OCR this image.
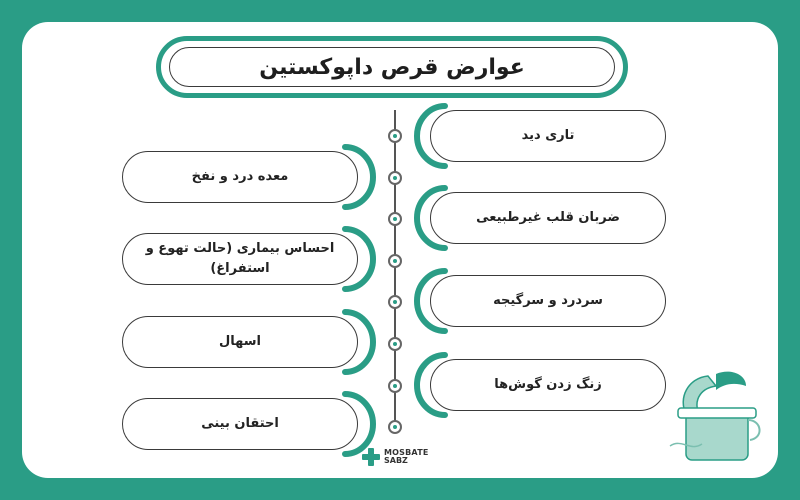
عوارض قرص داپوکستین
تاری دید
ضربان قلب غیرطبیعی
سردرد و سرگیجه
زنگ زدن گوش‌ها
معده درد و نفخ
احساس بیماری (حالت تهوع و استفراغ)
اسهال
احتقان بینی
MOSBATE
SABZ
